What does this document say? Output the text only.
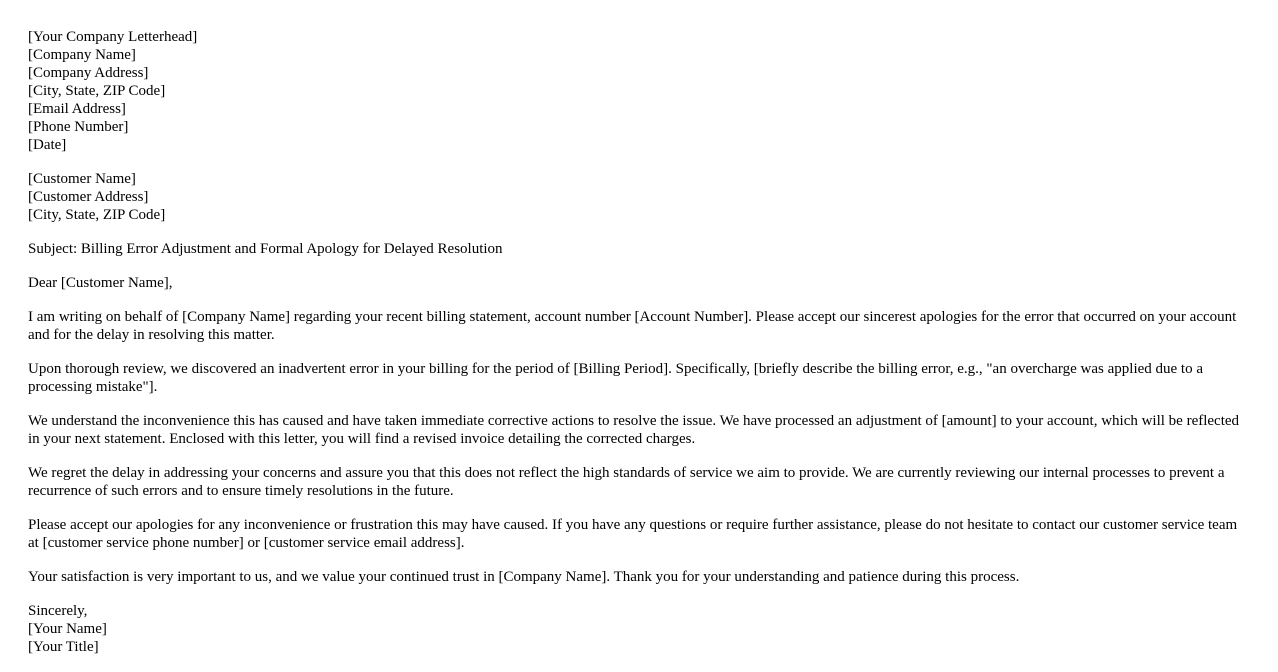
[Your Company Letterhead]
[Company Name]
[Company Address]
[City, State, ZIP Code]
[Email Address]
[Phone Number]
[Date]
[Customer Name]
[Customer Address]
[City, State, ZIP Code]

Subject: Billing Error Adjustment and Formal Apology for Delayed Resolution

Dear [Customer Name],

I am writing on behalf of [Company Name] regarding your recent billing statement, account number [Account Number]. Please accept our sincerest apologies for the error that occurred on your account and for the delay in resolving this matter.

Upon thorough review, we discovered an inadvertent error in your billing for the period of [Billing Period]. Specifically, [briefly describe the billing error, e.g., "an overcharge was applied due to a processing mistake"].

We understand the inconvenience this has caused and have taken immediate corrective actions to resolve the issue. We have processed an adjustment of [amount] to your account, which will be reflected in your next statement. Enclosed with this letter, you will find a revised invoice detailing the corrected charges.

We regret the delay in addressing your concerns and assure you that this does not reflect the high standards of service we aim to provide. We are currently reviewing our internal processes to prevent a recurrence of such errors and to ensure timely resolutions in the future.

Please accept our apologies for any inconvenience or frustration this may have caused. If you have any questions or require further assistance, please do not hesitate to contact our customer service team at [customer service phone number] or [customer service email address].

Your satisfaction is very important to us, and we value your continued trust in [Company Name]. Thank you for your understanding and patience during this process.

Sincerely,
[Your Name]
[Your Title]
